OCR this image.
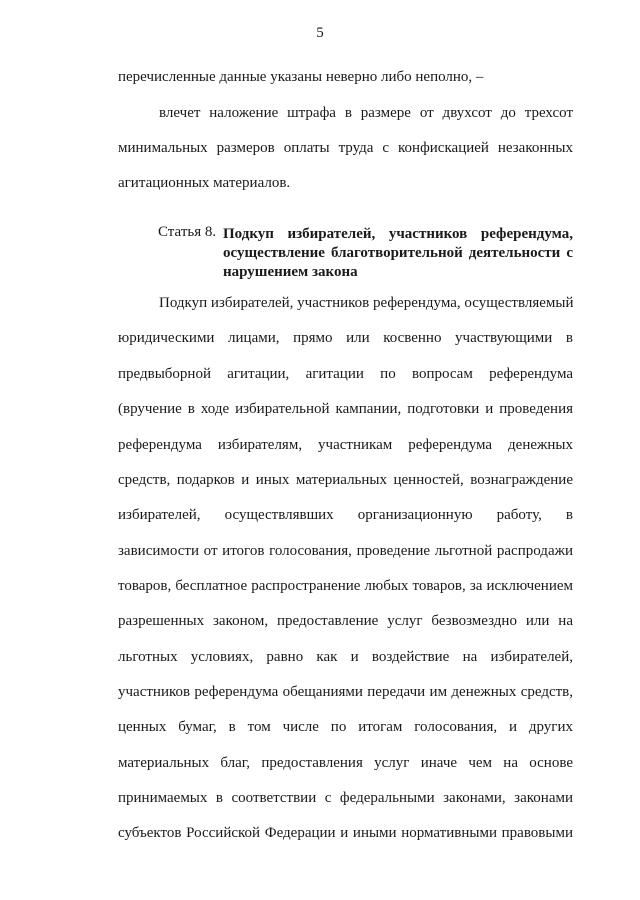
5
перечисленные данные указаны неверно либо неполно, –
влечет наложение штрафа в размере от двухсот до трехсот
минимальных размеров оплаты труда с конфискацией незаконных
агитационных материалов.
Статья 8. Подкуп избирателей, участников референдума,
осуществление благотворительной деятельности с
нарушением закона
Подкуп избирателей, участников референдума, осуществляемый
юридическими лицами, прямо или косвенно участвующими в
предвыборной агитации, агитации по вопросам референдума
(вручение в ходе избирательной кампании, подготовки и проведения
референдума избирателям, участникам референдума денежных
средств, подарков и иных материальных ценностей, вознаграждение
избирателей, осуществлявших организационную работу, в
зависимости от итогов голосования, проведение льготной распродажи
товаров, бесплатное распространение любых товаров, за исключением
разрешенных законом, предоставление услуг безвозмездно или на
льготных условиях, равно как и воздействие на избирателей,
участников референдума обещаниями передачи им денежных средств,
ценных бумаг, в том числе по итогам голосования, и других
материальных благ, предоставления услуг иначе чем на основе
принимаемых в соответствии с федеральными законами, законами
субъектов Российской Федерации и иными нормативными правовыми
